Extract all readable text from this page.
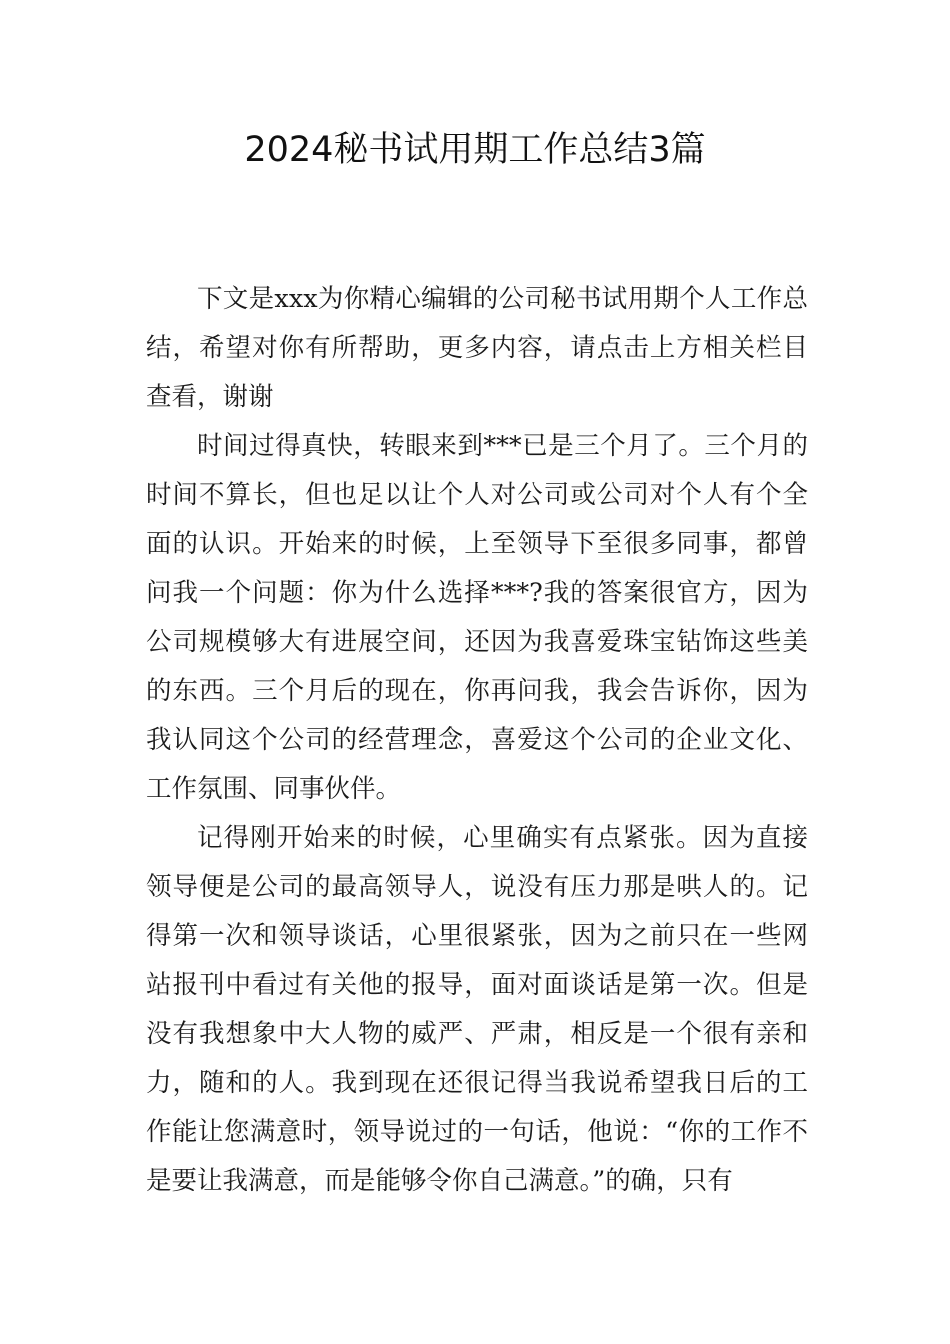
2024秘书试用期工作总结3篇

下文是xxx为你精心编辑的公司秘书试用期个人工作总结，希望对你有所帮助，更多内容，请点击上方相关栏目查看，谢谢

时间过得真快，转眼来到***已是三个月了。三个月的时间不算长，但也足以让个人对公司或公司对个人有个全面的认识。开始来的时候，上至领导下至很多同事，都曾问我一个问题：你为什么选择***?我的答案很官方，因为公司规模够大有进展空间，还因为我喜爱珠宝钻饰这些美的东西。三个月后的现在，你再问我，我会告诉你，因为我认同这个公司的经营理念，喜爱这个公司的企业文化、工作氛围、同事伙伴。

记得刚开始来的时候，心里确实有点紧张。因为直接领导便是公司的最高领导人，说没有压力那是哄人的。记得第一次和领导谈话，心里很紧张，因为之前只在一些网站报刊中看过有关他的报导，面对面谈话是第一次。但是没有我想象中大人物的威严、严肃，相反是一个很有亲和力，随和的人。我到现在还很记得当我说希望我日后的工作能让您满意时，领导说过的一句话，他说：“你的工作不是要让我满意，而是能够令你自己满意。”的确，只有
